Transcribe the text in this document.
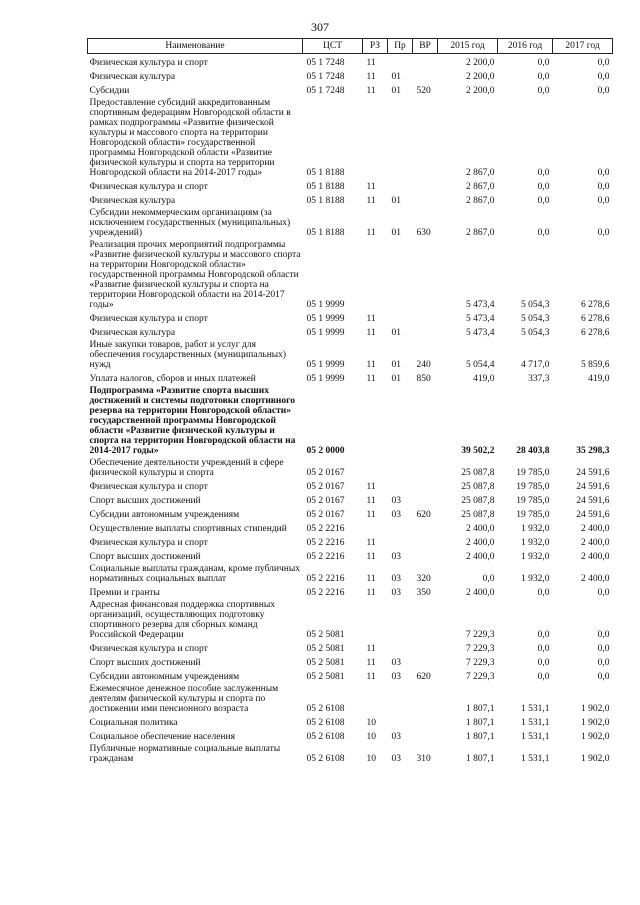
307
Наименование	ЦСТ	РЗ	Пр	ВР	2015 год	2016 год	2017 год
Физическая культура и спорт	05 1 7248	11			2 200,0	0,0	0,0
Физическая культура	05 1 7248	11	01		2 200,0	0,0	0,0
Субсидии	05 1 7248	11	01	520	2 200,0	0,0	0,0
Предоставление субсидий аккредитованным спортивным федерациям Новгородской области в рамках подпрограммы «Развитие физической культуры и массового спорта на территории Новгородской области» государственной программы Новгородской области «Развитие физической культуры и спорта на территории Новгородской области на 2014-2017 годы»	05 1 8188				2 867,0	0,0	0,0
Физическая культура и спорт	05 1 8188	11			2 867,0	0,0	0,0
Физическая культура	05 1 8188	11	01		2 867,0	0,0	0,0
Субсидии некоммерческим организациям (за исключением государственных (муниципальных) учреждений)	05 1 8188	11	01	630	2 867,0	0,0	0,0
Реализация прочих мероприятий подпрограммы «Развитие физической культуры и массового спорта на территории Новгородской области» государственной программы Новгородской области «Развитие физической культуры и спорта на территории Новгородской области на 2014-2017 годы»	05 1 9999				5 473,4	5 054,3	6 278,6
Физическая культура и спорт	05 1 9999	11			5 473,4	5 054,3	6 278,6
Физическая культура	05 1 9999	11	01		5 473,4	5 054,3	6 278,6
Иные закупки товаров, работ и услуг для обеспечения государственных (муниципальных) нужд	05 1 9999	11	01	240	5 054,4	4 717,0	5 859,6
Уплата налогов, сборов и иных платежей	05 1 9999	11	01	850	419,0	337,3	419,0
Подпрограмма «Развитие спорта высших достижений и системы подготовки спортивного резерва на территории Новгородской области» государственной программы Новгородской области «Развитие физической культуры и спорта на территории Новгородской области на 2014-2017 годы»	05 2 0000				39 502,2	28 403,8	35 298,3
Обеспечение деятельности учреждений в сфере физической культуры и спорта	05 2 0167				25 087,8	19 785,0	24 591,6
Физическая культура и спорт	05 2 0167	11			25 087,8	19 785,0	24 591,6
Спорт высших достижений	05 2 0167	11	03		25 087,8	19 785,0	24 591,6
Субсидии автономным учреждениям	05 2 0167	11	03	620	25 087,8	19 785,0	24 591,6
Осуществление выплаты спортивных стипендий	05 2 2216				2 400,0	1 932,0	2 400,0
Физическая культура и спорт	05 2 2216	11			2 400,0	1 932,0	2 400,0
Спорт высших достижений	05 2 2216	11	03		2 400,0	1 932,0	2 400,0
Социальные выплаты гражданам, кроме публичных нормативных социальных выплат	05 2 2216	11	03	320	0,0	1 932,0	2 400,0
Премии и гранты	05 2 2216	11	03	350	2 400,0	0,0	0,0
Адресная финансовая поддержка спортивных организаций, осуществляющих подготовку спортивного резерва для сборных команд Российской Федерации	05 2 5081				7 229,3	0,0	0,0
Физическая культура и спорт	05 2 5081	11			7 229,3	0,0	0,0
Спорт высших достижений	05 2 5081	11	03		7 229,3	0,0	0,0
Субсидии автономным учреждениям	05 2 5081	11	03	620	7 229,3	0,0	0,0
Ежемесячное денежное пособие заслуженным деятелям физической культуры и спорта по достижении ими пенсионного возраста	05 2 6108				1 807,1	1 531,1	1 902,0
Социальная политика	05 2 6108	10			1 807,1	1 531,1	1 902,0
Социальное обеспечение населения	05 2 6108	10	03		1 807,1	1 531,1	1 902,0
Публичные нормативные социальные выплаты гражданам	05 2 6108	10	03	310	1 807,1	1 531,1	1 902,0
